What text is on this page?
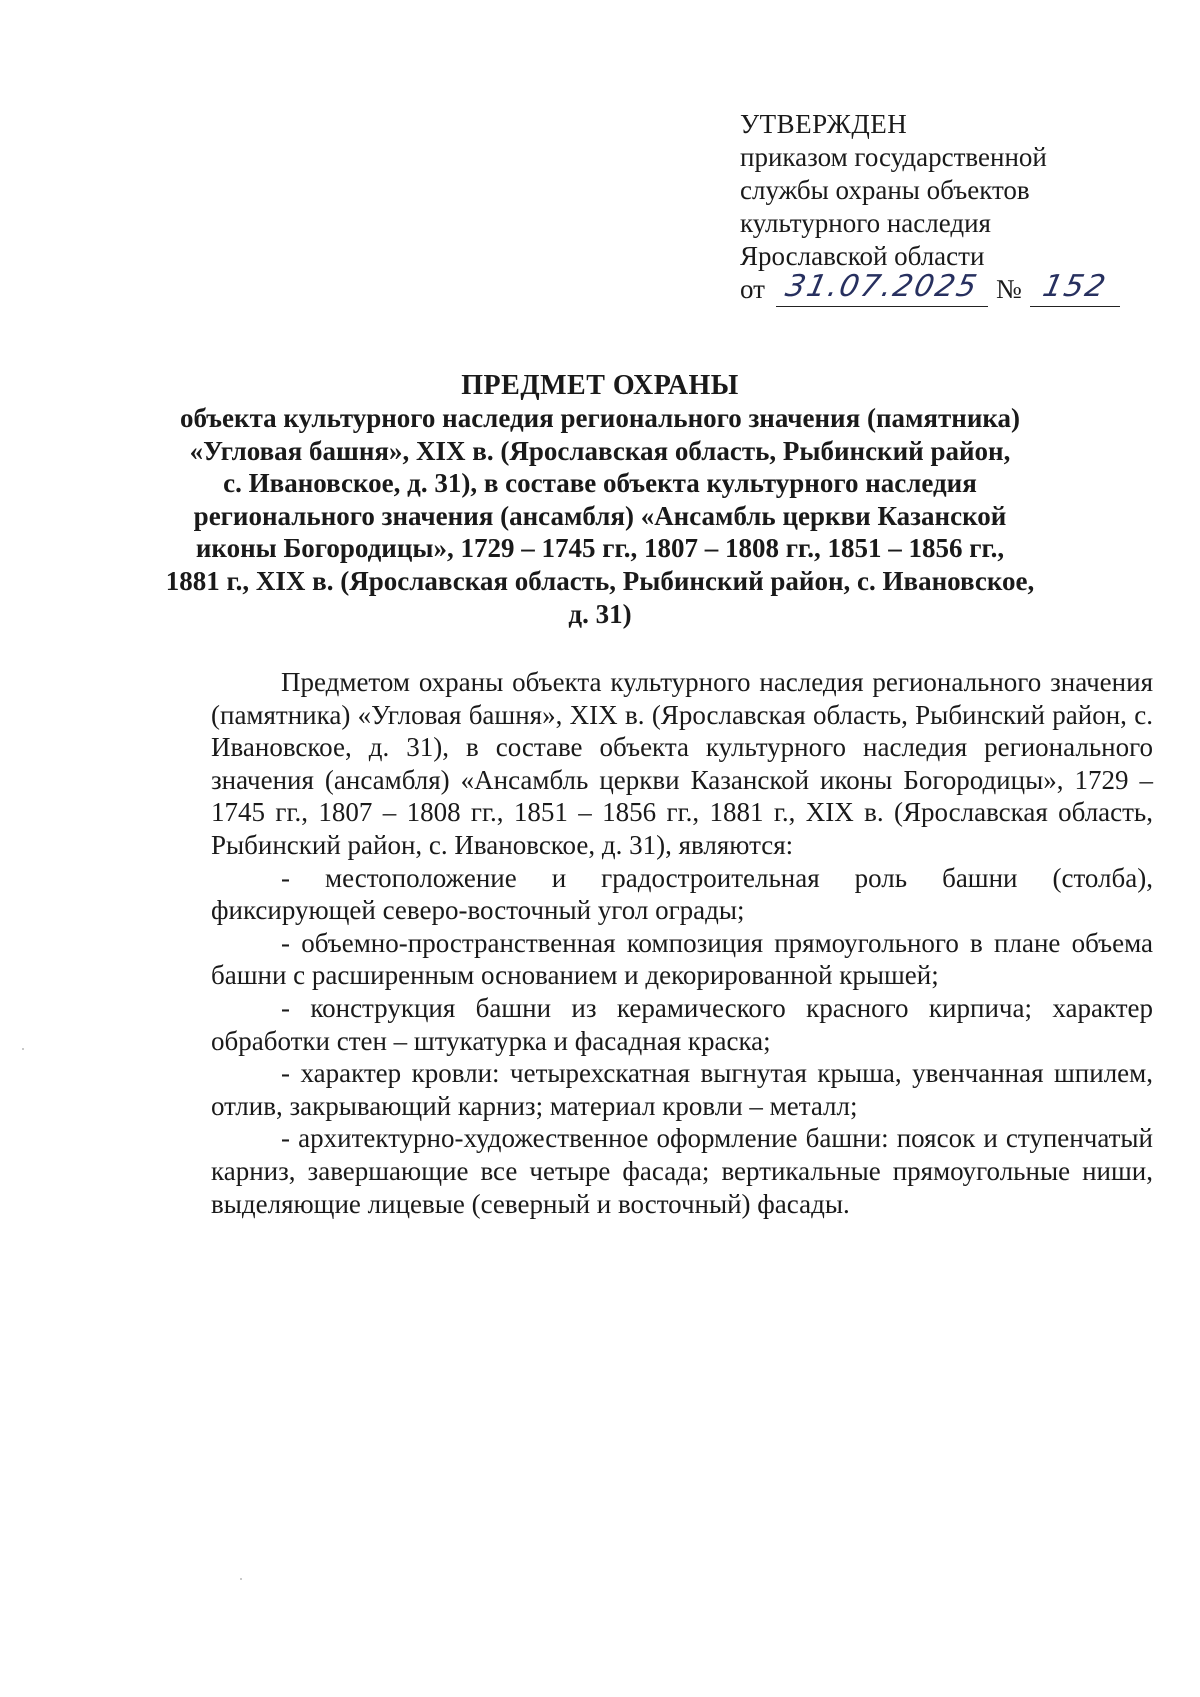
УТВЕРЖДЕН
приказом государственной
службы охраны объектов
культурного наследия
Ярославской области
от 31.07.2025 № 152
ПРЕДМЕТ ОХРАНЫ
объекта культурного наследия регионального значения (памятника)
«Угловая башня», XIX в. (Ярославская область, Рыбинский район,
с. Ивановское, д. 31), в составе объекта культурного наследия
регионального значения (ансамбля) «Ансамбль церкви Казанской
иконы Богородицы», 1729 – 1745 гг., 1807 – 1808 гг., 1851 – 1856 гг.,
1881 г., XIX в. (Ярославская область, Рыбинский район, с. Ивановское,
д. 31)

Предметом охраны объекта культурного наследия регионального значения (памятника) «Угловая башня», XIX в. (Ярославская область, Рыбинский район, с. Ивановское, д. 31), в составе объекта культурного наследия регионального значения (ансамбля) «Ансамбль церкви Казанской иконы Богородицы», 1729 – 1745 гг., 1807 – 1808 гг., 1851 – 1856 гг., 1881 г., XIX в. (Ярославская область, Рыбинский район, с. Ивановское, д. 31), являются:

- местоположение и градостроительная роль башни (столба), фиксирующей северо-восточный угол ограды;

- объемно-пространственная композиция прямоугольного в плане объема башни с расширенным основанием и декорированной крышей;

- конструкция башни из керамического красного кирпича; характер обработки стен – штукатурка и фасадная краска;

- характер кровли: четырехскатная выгнутая крыша, увенчанная шпилем, отлив, закрывающий карниз; материал кровли – металл;

- архитектурно-художественное оформление башни: поясок и ступенчатый карниз, завершающие все четыре фасада; вертикальные прямоугольные ниши, выделяющие лицевые (северный и восточный) фасады.
